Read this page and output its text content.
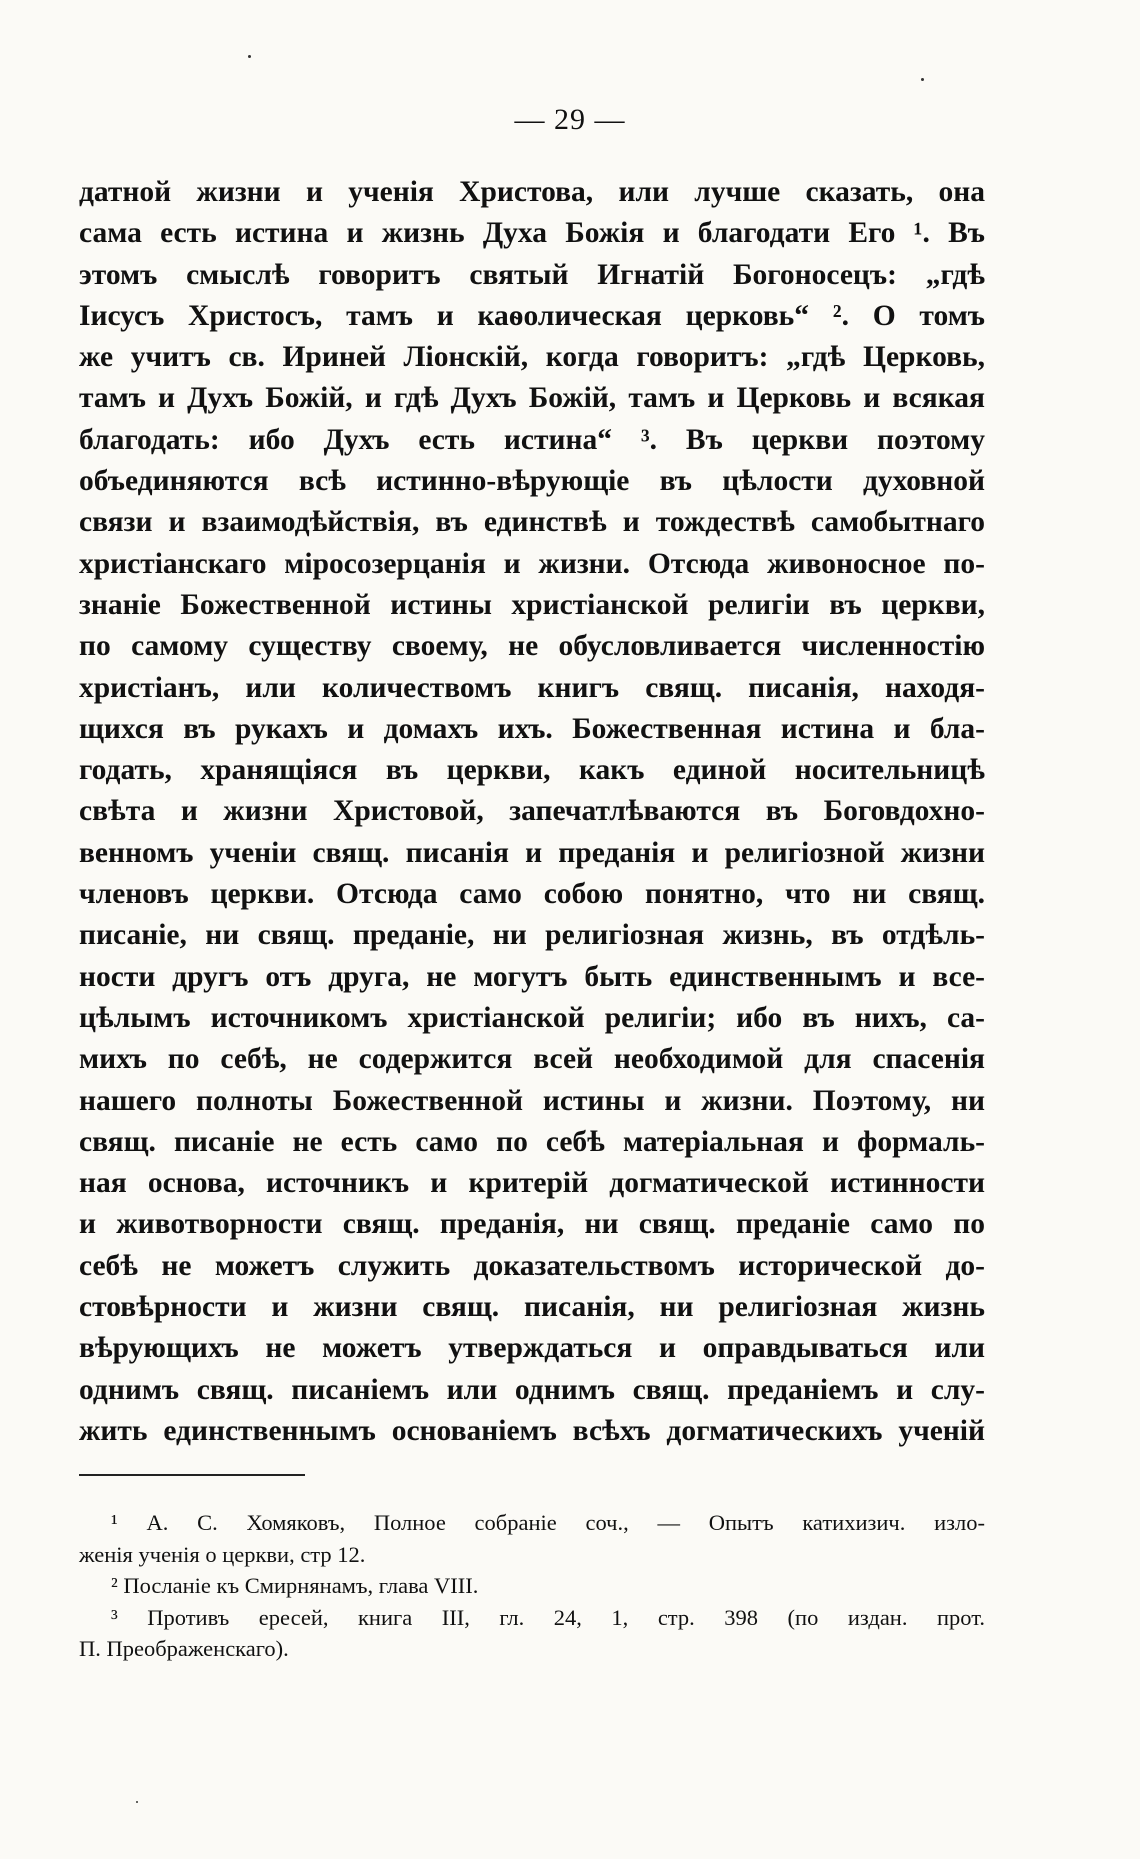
— 29 —
датной жизни и ученія Христова, или лучше сказать, она
сама есть истина и жизнь Духа Божія и благодати Его ¹. Въ
этомъ смыслѣ говоритъ святый Игнатій Богоносецъ: „гдѣ
Іисусъ Христосъ, тамъ и каѳолическая церковь“ ². О томъ
же учитъ св. Ириней Ліонскій, когда говоритъ: „гдѣ Церковь,
тамъ и Духъ Божій, и гдѣ Духъ Божій, тамъ и Церковь и всякая
благодать: ибо Духъ есть истина“ ³. Въ церкви поэтому
объединяются всѣ истинно-вѣрующіе въ цѣлости духовной
связи и взаимодѣйствія, въ единствѣ и тождествѣ самобытнаго
христіанскаго міросозерцанія и жизни. Отсюда живоносное по-
знаніе Божественной истины христіанской религіи въ церкви,
по самому существу своему, не обусловливается численностію
христіанъ, или количествомъ книгъ свящ. писанія, находя-
щихся въ рукахъ и домахъ ихъ. Божественная истина и бла-
годать, хранящіяся въ церкви, какъ единой носительницѣ
свѣта и жизни Христовой, запечатлѣваются въ Боговдохно-
венномъ ученіи свящ. писанія и преданія и религіозной жизни
членовъ церкви. Отсюда само собою понятно, что ни свящ.
писаніе, ни свящ. преданіе, ни религіозная жизнь, въ отдѣль-
ности другъ отъ друга, не могутъ быть единственнымъ и все-
цѣлымъ источникомъ христіанской религіи; ибо въ нихъ, са-
михъ по себѣ, не содержится всей необходимой для спасенія
нашего полноты Божественной истины и жизни. Поэтому, ни
свящ. писаніе не есть само по себѣ матеріальная и формаль-
ная основа, источникъ и критерій догматической истинности
и животворности свящ. преданія, ни свящ. преданіе само по
себѣ не можетъ служить доказательствомъ исторической до-
стовѣрности и жизни свящ. писанія, ни религіозная жизнь
вѣрующихъ не можетъ утверждаться и оправдываться или
однимъ свящ. писаніемъ или однимъ свящ. преданіемъ и слу-
жить единственнымъ основаніемъ всѣхъ догматическихъ ученій
¹ А. С. Хомяковъ, Полное собраніе соч., — Опытъ катихизич. изло-
женія ученія о церкви, стр 12.
² Посланіе къ Смирнянамъ, глава VIII.
³ Противъ ересей, книга III, гл. 24, 1, стр. 398 (по издан. прот.
П. Преображенскаго).
